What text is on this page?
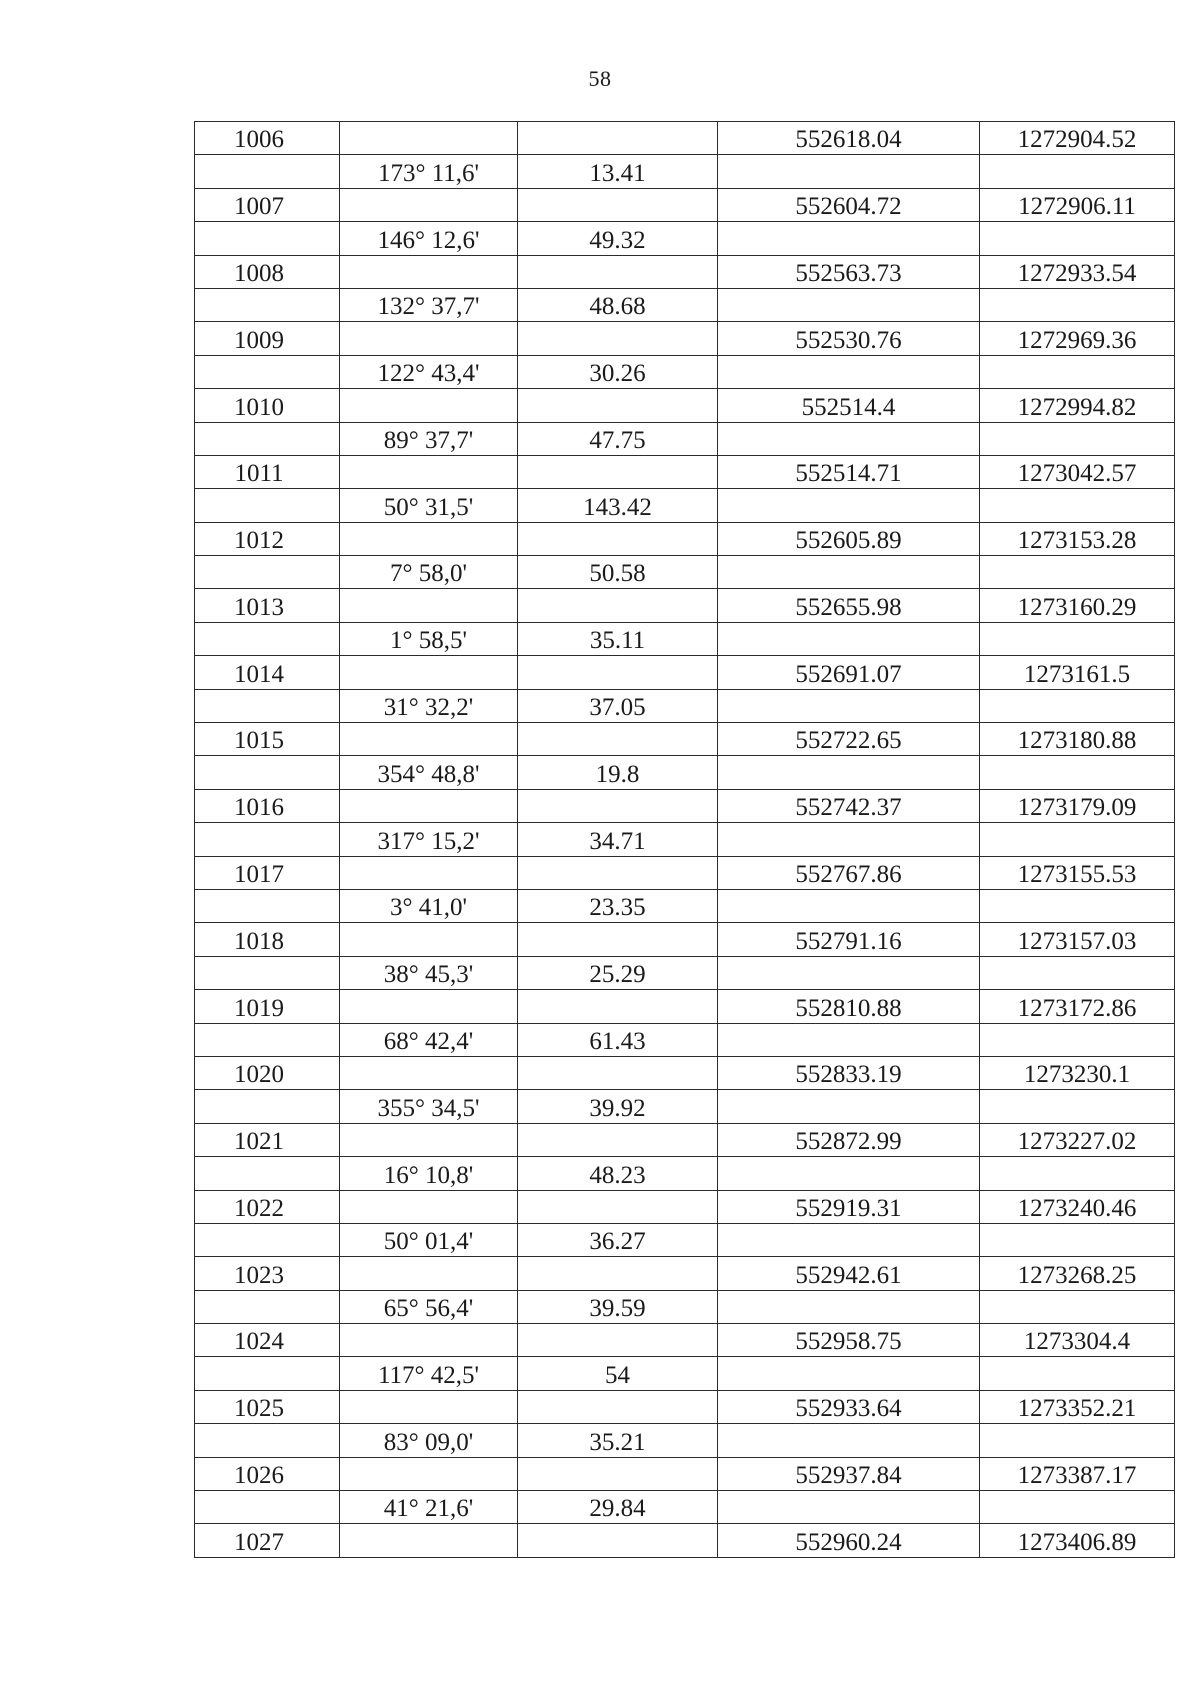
58
1006			552618.04	1272904.52
	173° 11,6'	13.41		
1007			552604.72	1272906.11
	146° 12,6'	49.32		
1008			552563.73	1272933.54
	132° 37,7'	48.68		
1009			552530.76	1272969.36
	122° 43,4'	30.26		
1010			552514.4	1272994.82
	89° 37,7'	47.75		
1011			552514.71	1273042.57
	50° 31,5'	143.42		
1012			552605.89	1273153.28
	7° 58,0'	50.58		
1013			552655.98	1273160.29
	1° 58,5'	35.11		
1014			552691.07	1273161.5
	31° 32,2'	37.05		
1015			552722.65	1273180.88
	354° 48,8'	19.8		
1016			552742.37	1273179.09
	317° 15,2'	34.71		
1017			552767.86	1273155.53
	3° 41,0'	23.35		
1018			552791.16	1273157.03
	38° 45,3'	25.29		
1019			552810.88	1273172.86
	68° 42,4'	61.43		
1020			552833.19	1273230.1
	355° 34,5'	39.92		
1021			552872.99	1273227.02
	16° 10,8'	48.23		
1022			552919.31	1273240.46
	50° 01,4'	36.27		
1023			552942.61	1273268.25
	65° 56,4'	39.59		
1024			552958.75	1273304.4
	117° 42,5'	54		
1025			552933.64	1273352.21
	83° 09,0'	35.21		
1026			552937.84	1273387.17
	41° 21,6'	29.84		
1027			552960.24	1273406.89
